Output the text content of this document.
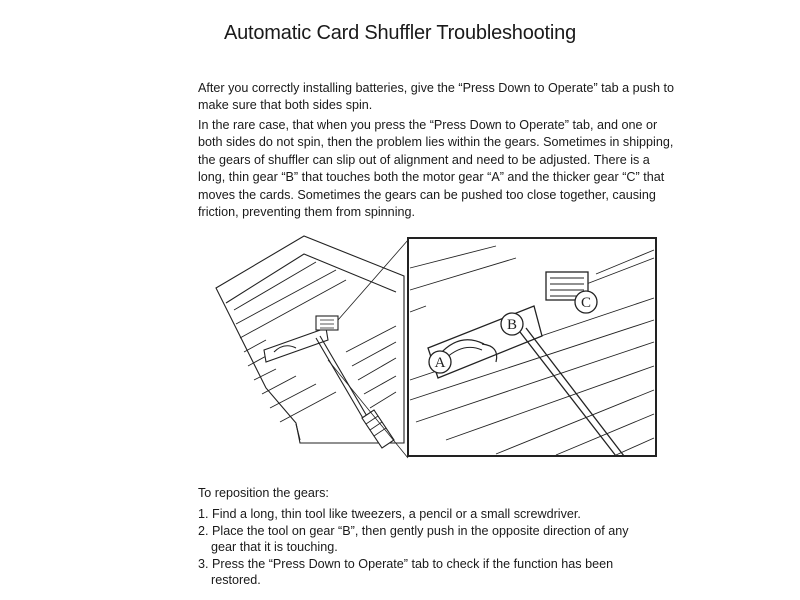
Automatic Card Shuffler Troubleshooting

After you correctly installing batteries, give the “Press Down to Operate” tab a push to make sure that both sides spin.

In the rare case, that when you press the “Press Down to Operate” tab, and one or both sides do not spin, then the problem lies within the gears. Sometimes in shipping, the gears of shuffler can slip out of alignment and need to be adjusted. There is a long, thin gear “B” that touches both the motor gear “A” and the thicker gear “C” that moves the cards. Sometimes the gears can be pushed too close together, causing friction, preventing them from spinning.

A
B
C
To reposition the gears:
1. Find a long, thin tool like tweezers, a pencil or a small screwdriver.
2. Place the tool on gear “B”, then gently push in the opposite direction of any gear that it is touching.
3. Press the “Press Down to Operate” tab to check if the function has been restored.
